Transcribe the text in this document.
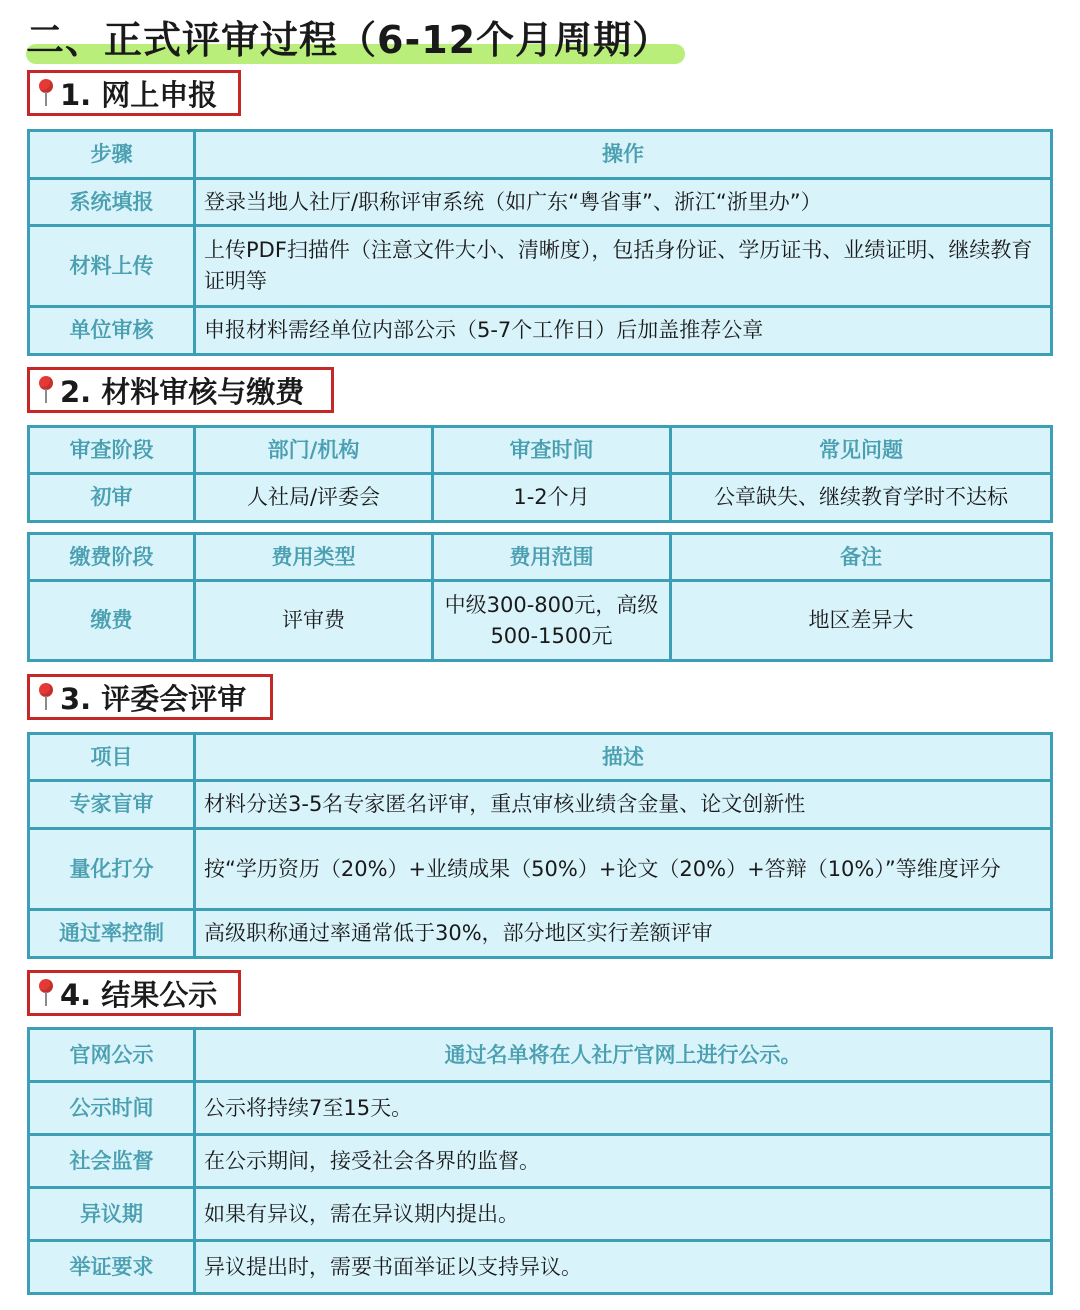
二、正式评审过程（6-12个月周期）
1. 网上申报
步骤	操作
系统填报	登录当地人社厅/职称评审系统（如广东“粤省事”、浙江“浙里办”）
材料上传	上传PDF扫描件（注意文件大小、清晰度），包括身份证、学历证书、业绩证明、继续教育证明等
单位审核	申报材料需经单位内部公示（5-7个工作日）后加盖推荐公章
2. 材料审核与缴费
审查阶段	部门/机构	审查时间	常见问题
初审	人社局/评委会	1-2个月	公章缺失、继续教育学时不达标
缴费阶段	费用类型	费用范围	备注
缴费	评审费	中级300-800元，高级500-1500元	地区差异大
3. 评委会评审
项目	描述
专家盲审	材料分送3-5名专家匿名评审，重点审核业绩含金量、论文创新性
量化打分	按“学历资历（20%）+业绩成果（50%）+论文（20%）+答辩（10%）”等维度评分
通过率控制	高级职称通过率通常低于30%，部分地区实行差额评审
4. 结果公示
官网公示	通过名单将在人社厅官网上进行公示。
公示时间	公示将持续7至15天。
社会监督	在公示期间，接受社会各界的监督。
异议期	如果有异议，需在异议期内提出。
举证要求	异议提出时，需要书面举证以支持异议。
